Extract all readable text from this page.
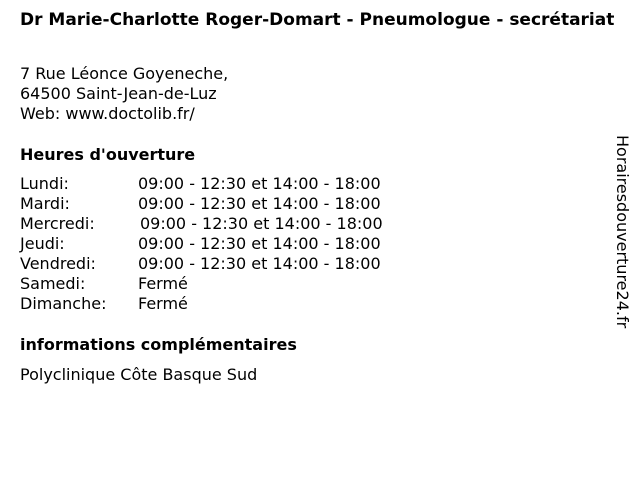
Dr Marie-Charlotte Roger-Domart - Pneumologue - secrétariat
7 Rue Léonce Goyeneche,
64500 Saint-Jean-de-Luz
Web: www.doctolib.fr/
Heures d'ouverture
Lundi:	09:00 - 12:30 et 14:00 - 18:00
Mardi:	09:00 - 12:30 et 14:00 - 18:00
Mercredi:	09:00 - 12:30 et 14:00 - 18:00
Jeudi:	09:00 - 12:30 et 14:00 - 18:00
Vendredi:	09:00 - 12:30 et 14:00 - 18:00
Samedi:	Fermé
Dimanche: Fermé
informations complémentaires
Polyclinique Côte Basque Sud
Horairesdouverture24.fr
